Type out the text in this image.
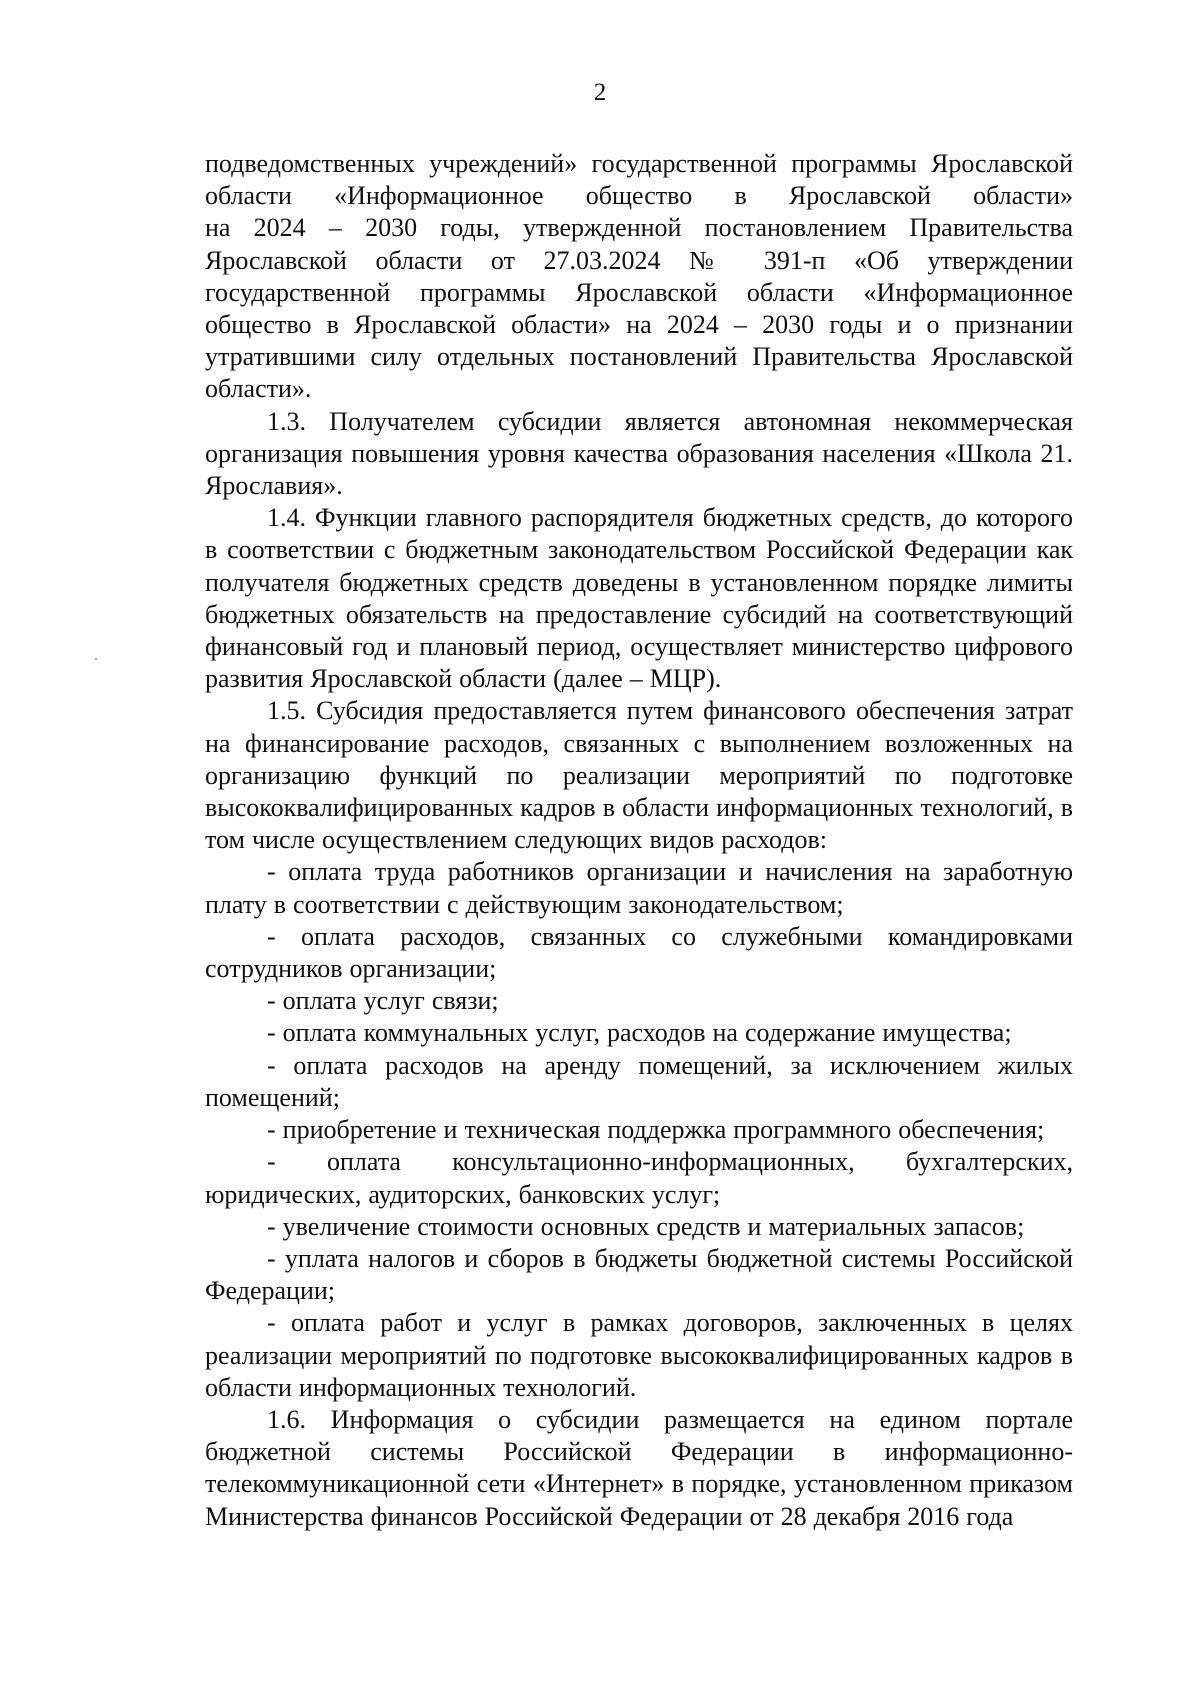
2
подведомственных учреждений» государственной программы Ярославской
области «Информационное общество в Ярославской области»
на 2024 – 2030 годы, утвержденной постановлением Правительства
Ярославской области от 27.03.2024 № 391-п «Об утверждении
государственной программы Ярославской области «Информационное
общество в Ярославской области» на 2024 – 2030 годы и о признании
утратившими силу отдельных постановлений Правительства Ярославской
области».

1.3. Получателем субсидии является автономная некоммерческая организация повышения уровня качества образования населения «Школа 21. Ярославия».

1.4. Функции главного распорядителя бюджетных средств, до которого в соответствии с бюджетным законодательством Российской Федерации как получателя бюджетных средств доведены в установленном порядке лимиты бюджетных обязательств на предоставление субсидий на соответствующий финансовый год и плановый период, осуществляет министерство цифрового развития Ярославской области (далее – МЦР).

1.5. Субсидия предоставляется путем финансового обеспечения затрат на финансирование расходов, связанных с выполнением возложенных на организацию функций по реализации мероприятий по подготовке высококвалифицированных кадров в области информационных технологий, в том числе осуществлением следующих видов расходов:

- оплата труда работников организации и начисления на заработную плату в соответствии с действующим законодательством;

- оплата расходов, связанных со служебными командировками сотрудников организации;

- оплата услуг связи;

- оплата коммунальных услуг, расходов на содержание имущества;

- оплата расходов на аренду помещений, за исключением жилых помещений;

- приобретение и техническая поддержка программного обеспечения;

- оплата консультационно-информационных, бухгалтерских, юридических, аудиторских, банковских услуг;

- увеличение стоимости основных средств и материальных запасов;

- уплата налогов и сборов в бюджеты бюджетной системы Российской Федерации;

- оплата работ и услуг в рамках договоров, заключенных в целях реализации мероприятий по подготовке высококвалифицированных кадров в области информационных технологий.

1.6. Информация о субсидии размещается на едином портале бюджетной системы Российской Федерации в информационно-телекоммуникационной сети «Интернет» в порядке, установленном приказом Министерства финансов Российской Федерации от 28 декабря 2016 года
